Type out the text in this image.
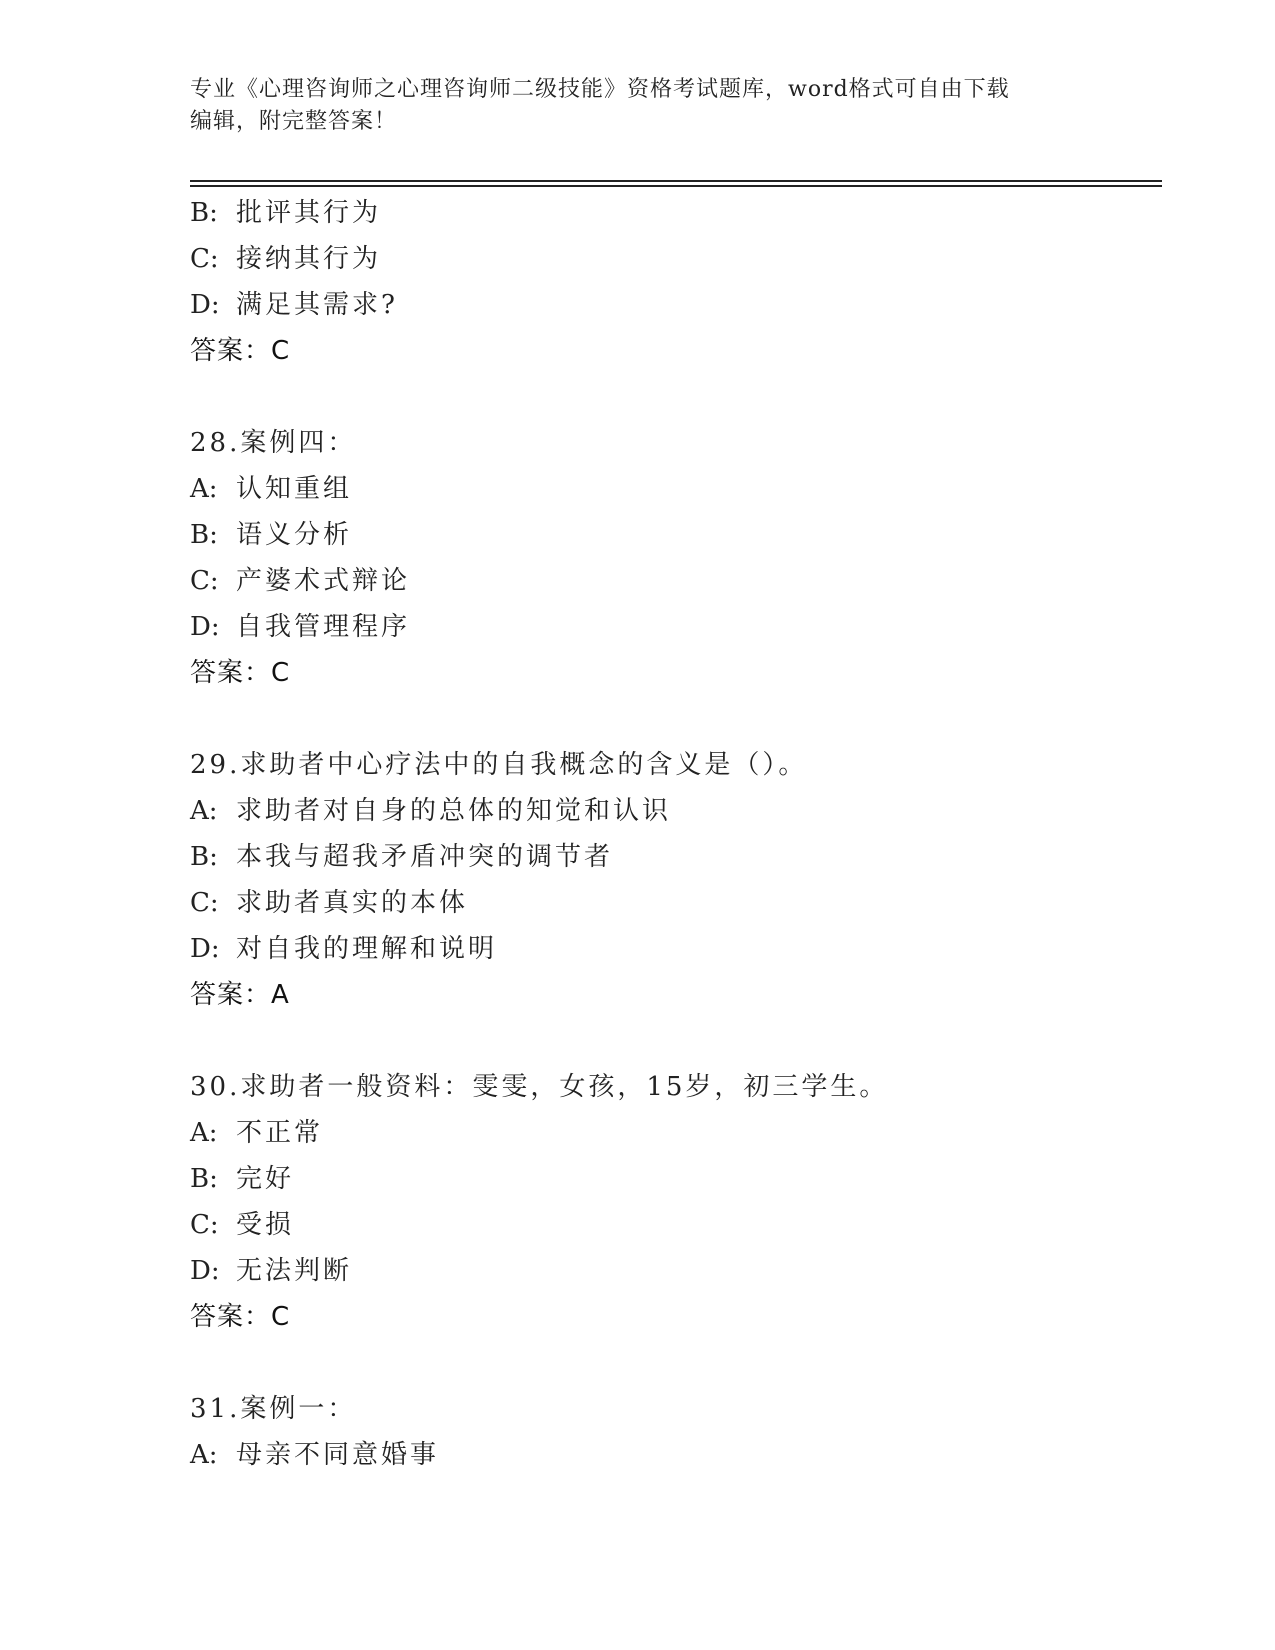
专业《心理咨询师之心理咨询师二级技能》资格考试题库，word格式可自由下载
编辑，附完整答案！
B: 批评其行为
C: 接纳其行为
D: 满足其需求?
答案：C
28.案例四：
A: 认知重组
B: 语义分析
C: 产婆术式辩论
D: 自我管理程序
答案：C
29.求助者中心疗法中的自我概念的含义是（）。
A: 求助者对自身的总体的知觉和认识
B: 本我与超我矛盾冲突的调节者
C: 求助者真实的本体
D: 对自我的理解和说明
答案：A
30.求助者一般资料：雯雯，女孩，15岁，初三学生。
A: 不正常
B: 完好
C: 受损
D: 无法判断
答案：C
31.案例一：
A: 母亲不同意婚事
